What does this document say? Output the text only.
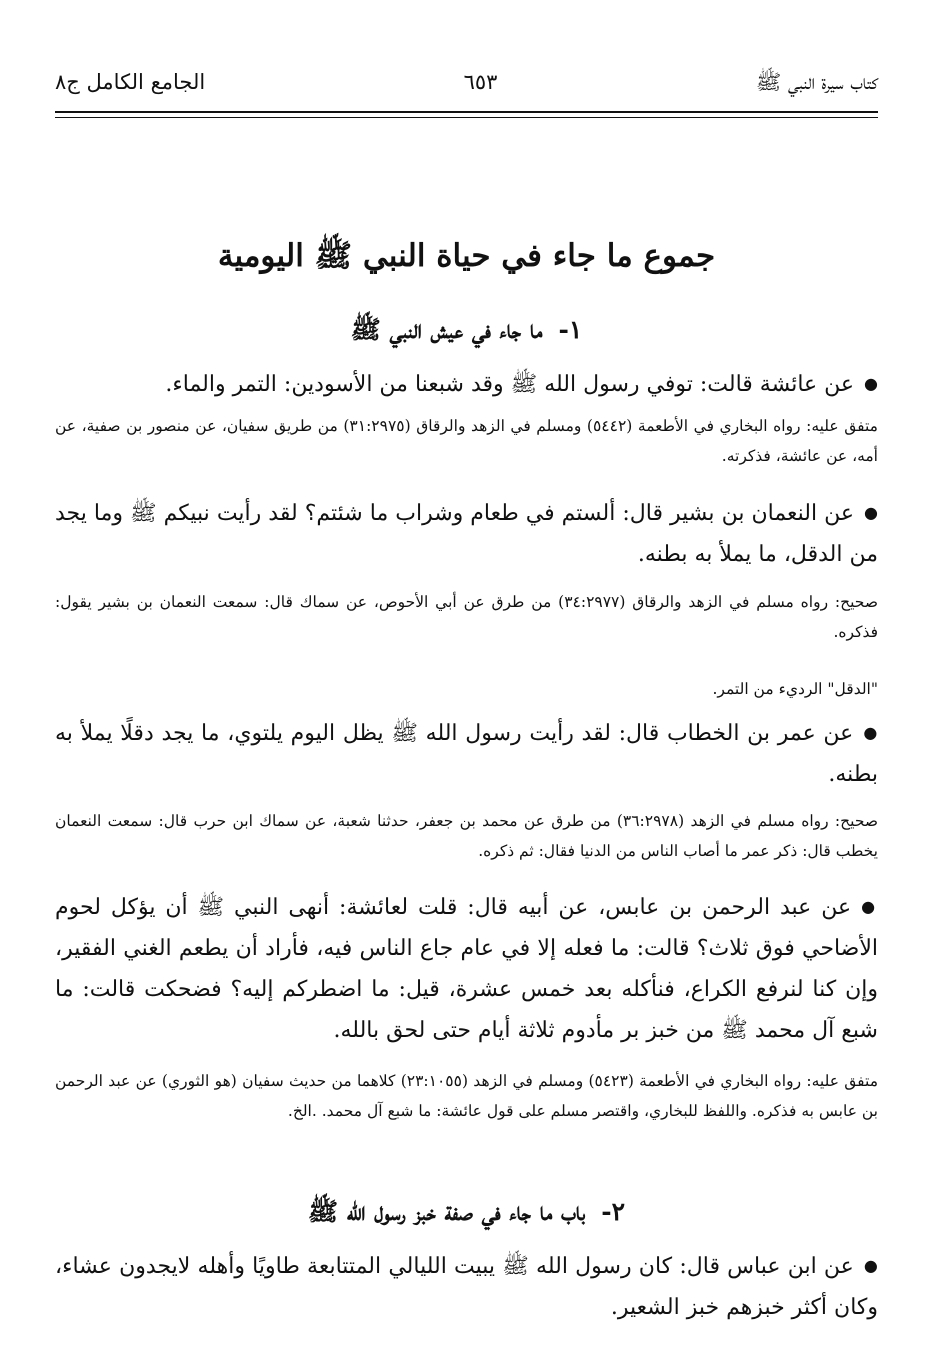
كتاب سيرة النبي ﷺ
٦٥٣
الجامع الكامل ج٨
جموع ما جاء في حياة النبي ﷺ اليومية
١-ما جاء في عيش النبي ﷺ
●عن عائشة قالت: توفي رسول الله ﷺ وقد شبعنا من الأسودين: التمر والماء.
متفق عليه: رواه البخاري في الأطعمة (٥٤٤٢) ومسلم في الزهد والرقاق (٣١:٢٩٧٥) من طريق سفيان، عن منصور بن صفية، عن أمه، عن عائشة، فذكرته.
●عن النعمان بن بشير قال: ألستم في طعام وشراب ما شئتم؟ لقد رأيت نبيكم ﷺ وما يجد من الدقل، ما يملأ به بطنه.
صحيح: رواه مسلم في الزهد والرقاق (٣٤:٢٩٧٧) من طرق عن أبي الأحوص، عن سماك قال: سمعت النعمان بن بشير يقول: فذكره.
"الدقل" الرديء من التمر.
●عن عمر بن الخطاب قال: لقد رأيت رسول الله ﷺ يظل اليوم يلتوي، ما يجد دقلًا يملأ به بطنه.
صحيح: رواه مسلم في الزهد (٣٦:٢٩٧٨) من طرق عن محمد بن جعفر، حدثنا شعبة، عن سماك ابن حرب قال: سمعت النعمان يخطب قال: ذكر عمر ما أصاب الناس من الدنيا فقال: ثم ذكره.
●عن عبد الرحمن بن عابس، عن أبيه قال: قلت لعائشة: أنهى النبي ﷺ أن يؤكل لحوم الأضاحي فوق ثلاث؟ قالت: ما فعله إلا في عام جاع الناس فيه، فأراد أن يطعم الغني الفقير، وإن كنا لنرفع الكراع، فنأكله بعد خمس عشرة، قيل: ما اضطركم إليه؟ فضحكت قالت: ما شبع آل محمد ﷺ من خبز بر مأدوم ثلاثة أيام حتى لحق بالله.
متفق عليه: رواه البخاري في الأطعمة (٥٤٢٣) ومسلم في الزهد (٢٣:١٠٥٥) كلاهما من حديث سفيان (هو الثوري) عن عبد الرحمن بن عابس به فذكره. واللفظ للبخاري، واقتصر مسلم على قول عائشة: ما شبع آل محمد. .الخ.
٢-باب ما جاء في صفة خبز رسول الله ﷺ
●عن ابن عباس قال: كان رسول الله ﷺ يبيت الليالي المتتابعة طاويًا وأهله لايجدون عشاء، وكان أكثر خبزهم خبز الشعير.
